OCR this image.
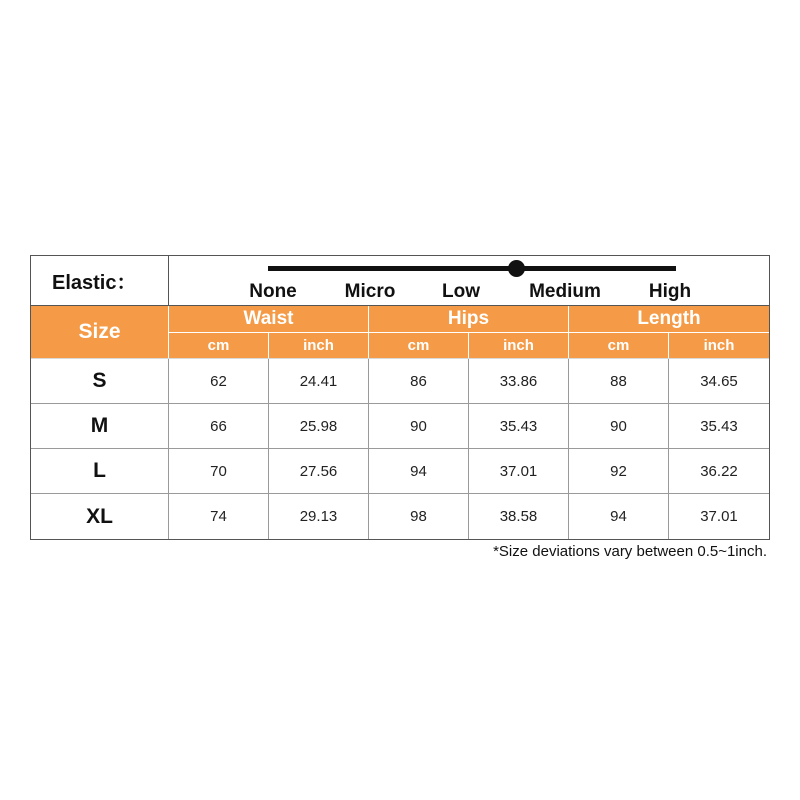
Elastic：	None	Micro Low	Medium	High
Size
Waist	Hips	Length
cm	inch	cm	inch	cm	inch
S	62	24.41	86	33.86	88	34.65
M	66	25.98	90	35.43	90	35.43
L	70	27.56	94	37.01	92	36.22
XL	74	29.13	98	38.58	94	37.01
*Size deviations vary between 0.5~1inch.
